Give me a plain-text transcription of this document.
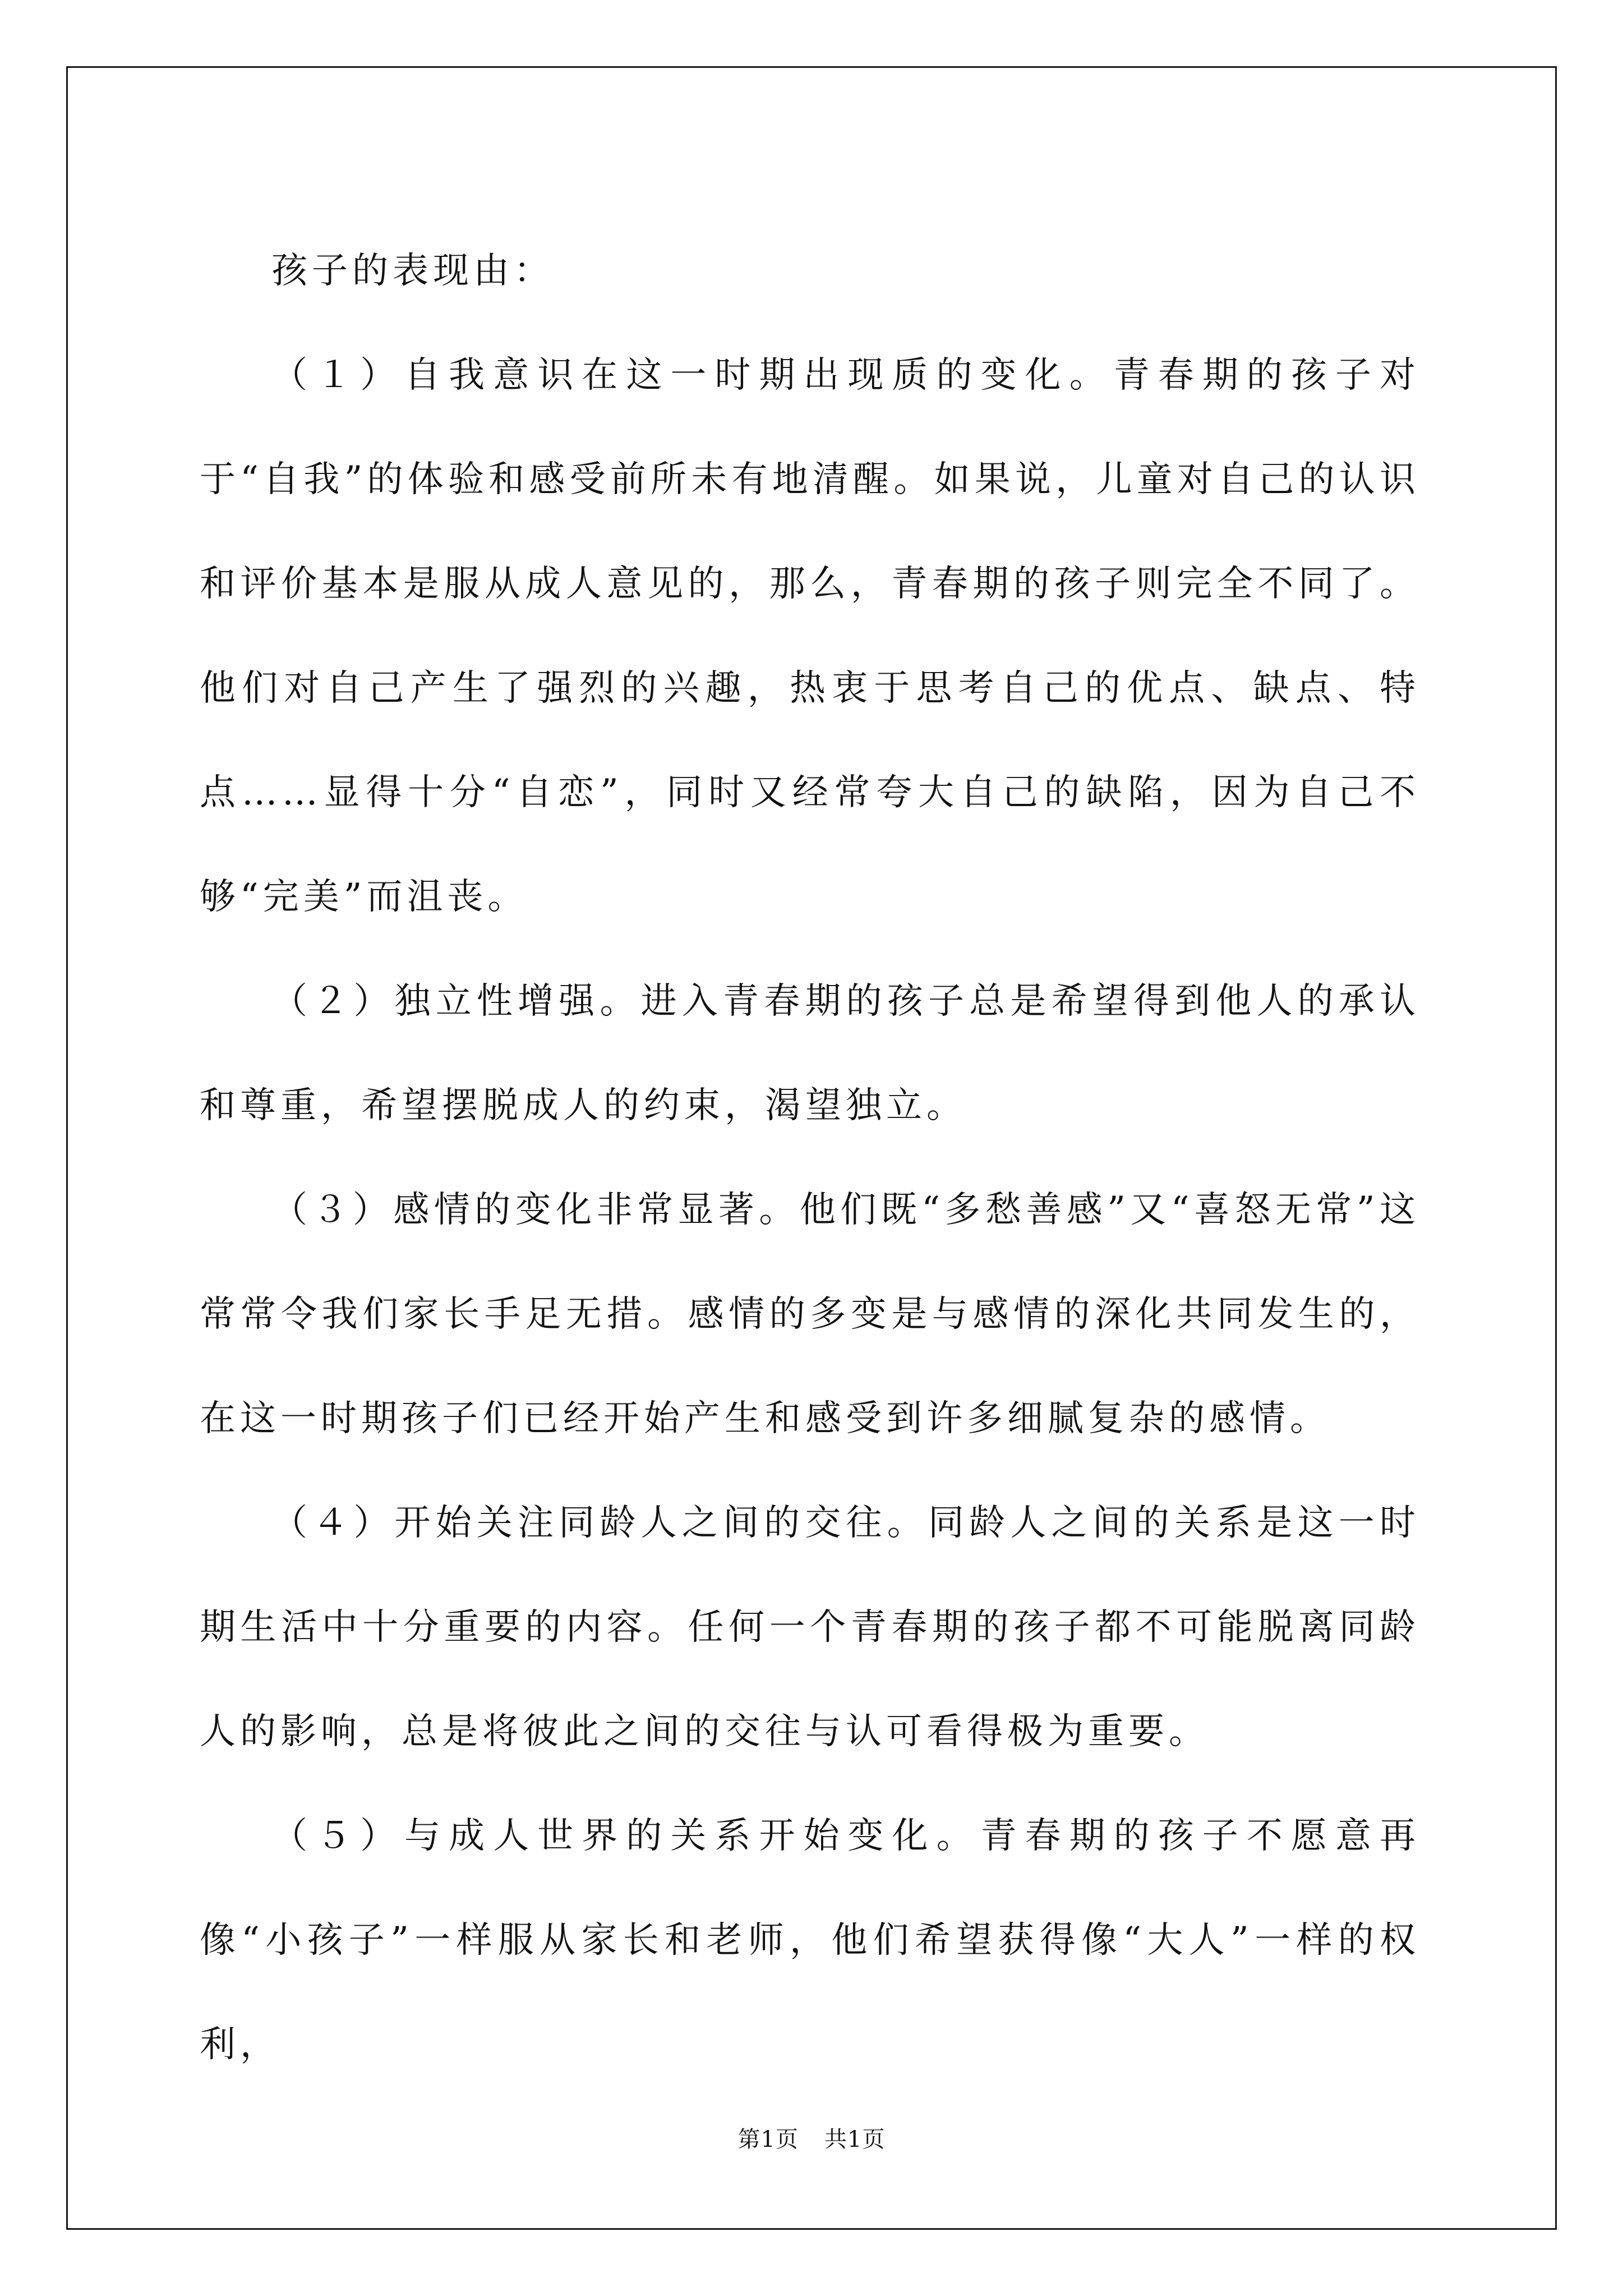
孩子的表现由：

（１）自我意识在这一时期出现质的变化。青春期的孩子对于“自我”的体验和感受前所未有地清醒。如果说，儿童对自己的认识和评价基本是服从成人意见的，那么，青春期的孩子则完全不同了。他们对自己产生了强烈的兴趣，热衷于思考自己的优点、缺点、特点……显得十分“自恋”，同时又经常夸大自己的缺陷，因为自己不够“完美”而沮丧。

（２）独立性增强。进入青春期的孩子总是希望得到他人的承认和尊重，希望摆脱成人的约束，渴望独立。

（３）感情的变化非常显著。他们既“多愁善感”又“喜怒无常”这常常令我们家长手足无措。感情的多变是与感情的深化共同发生的，在这一时期孩子们已经开始产生和感受到许多细腻复杂的感情。

（４）开始关注同龄人之间的交往。同龄人之间的关系是这一时期生活中十分重要的内容。任何一个青春期的孩子都不可能脱离同龄人的影响，总是将彼此之间的交往与认可看得极为重要。

（５）与成人世界的关系开始变化。青春期的孩子不愿意再像“小孩子”一样服从家长和老师，他们希望获得像“大人”一样的权利，

第1页 共1页
